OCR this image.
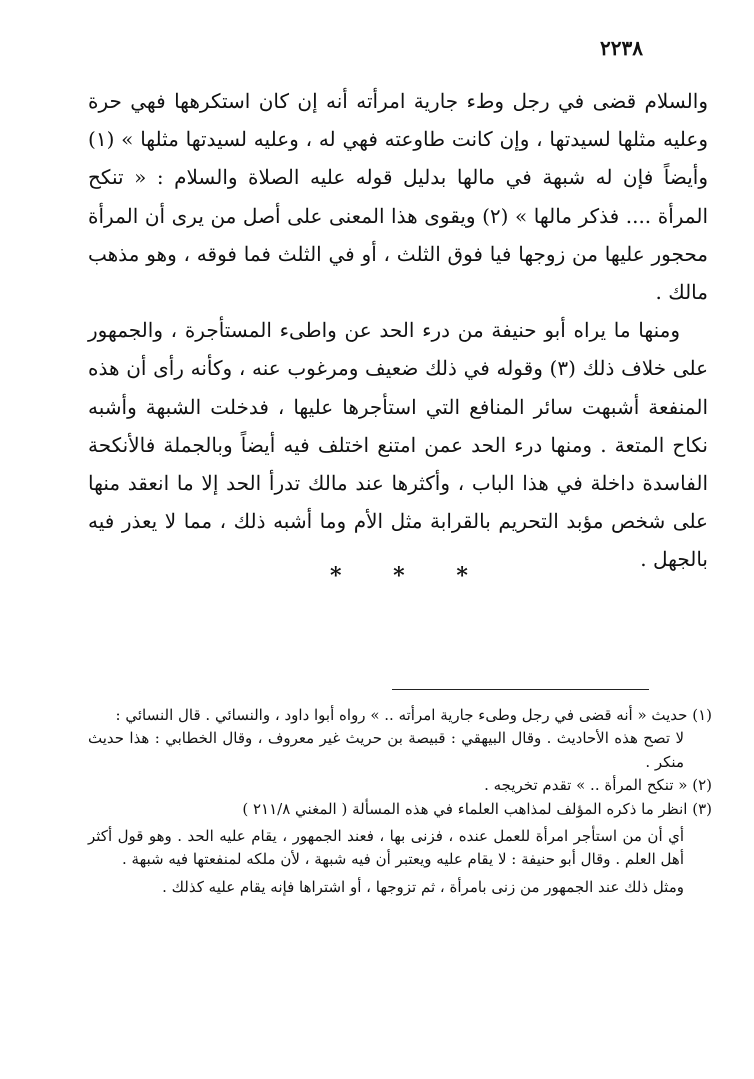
٢٢٣٨

والسلام قضى في رجل وطء جارية امرأته أنه إن كان استكرهها فهي حرة وعليه مثلها لسيدتها ، وإن كانت طاوعته فهي له ، وعليه لسيدتها مثلها » (١) وأيضاً فإن له شبهة في مالها بدليل قوله عليه الصلاة والسلام : « تنكح المرأة .... فذكر مالها » (٢) ويقوى هذا المعنى على أصل من يرى أن المرأة محجور عليها من زوجها فيا فوق الثلث ، أو في الثلث فما فوقه ، وهو مذهب مالك .

ومنها ما يراه أبو حنيفة من درء الحد عن واطىء المستأجرة ، والجمهور على خلاف ذلك (٣) وقوله في ذلك ضعيف ومرغوب عنه ، وكأنه رأى أن هذه المنفعة أشبهت سائر المنافع التي استأجرها عليها ، فدخلت الشبهة وأشبه نكاح المتعة . ومنها درء الحد عمن امتنع اختلف فيه أيضاً وبالجملة فالأنكحة الفاسدة داخلة في هذا الباب ، وأكثرها عند مالك تدرأ الحد إلا ما انعقد منها على شخص مؤبد التحريم بالقرابة مثل الأم وما أشبه ذلك ، مما لا يعذر فيه بالجهل .

* * *

(١) حديث « أنه قضى في رجل وطىء جارية امرأته .. » رواه أبوا داود ، والنسائي . قال النسائي :

لا تصح هذه الأحاديث . وقال البيهقي : قبيصة بن حريث غير معروف ، وقال الخطابي : هذا حديث منكر .

(٢) « تنكح المرأة .. » تقدم تخريجه .

(٣) انظر ما ذكره المؤلف لمذاهب العلماء في هذه المسألة ( المغني ٢١١/٨ )

أي أن من استأجر امرأة للعمل عنده ، فزنى بها ، فعند الجمهور ، يقام عليه الحد . وهو قول أكثر أهل العلم . وقال أبو حنيفة : لا يقام عليه ويعتبر أن فيه شبهة ، لأن ملكه لمنفعتها فيه شبهة .

ومثل ذلك عند الجمهور من زنى بامرأة ، ثم تزوجها ، أو اشتراها فإنه يقام عليه كذلك .
